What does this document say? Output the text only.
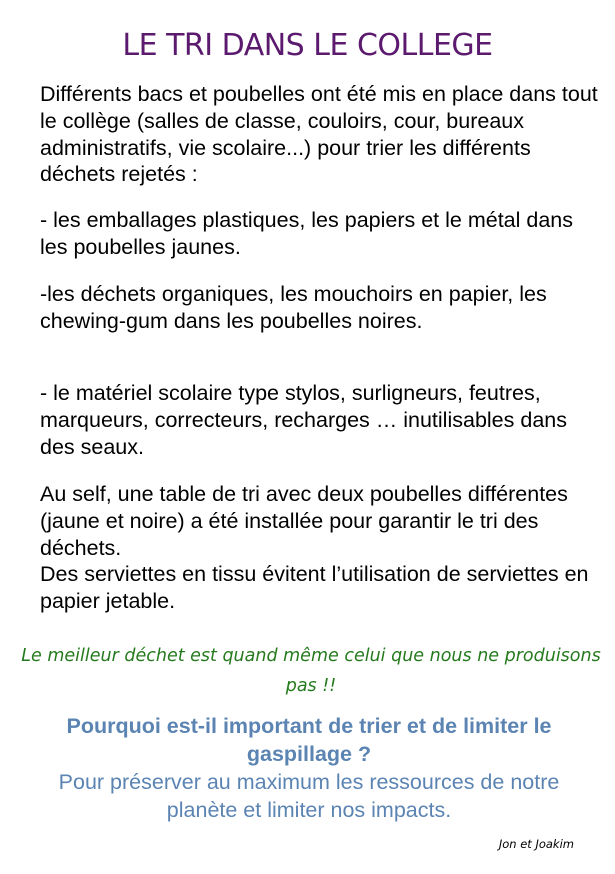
LE TRI DANS LE COLLEGE

Différents bacs et poubelles ont été mis en place dans tout le collège (salles de classe, couloirs, cour, bureaux administratifs, vie scolaire...) pour trier les différents déchets rejetés :

- les emballages plastiques, les papiers et le métal dans les poubelles jaunes.

-les déchets organiques, les mouchoirs en papier, les chewing-gum dans les poubelles noires.

- le matériel scolaire type stylos, surligneurs, feutres, marqueurs, correcteurs, recharges … inutilisables dans des seaux.

Au self, une table de tri avec deux poubelles différentes (jaune et noire) a été installée pour garantir le tri des déchets.
Des serviettes en tissu évitent l’utilisation de serviettes en papier jetable.

Le meilleur déchet est quand même celui que nous ne produisons pas !!

Pourquoi est-il important de trier et de limiter le gaspillage ?

Pour préserver au maximum les ressources de notre planète et limiter nos impacts.

Jon et Joakim
